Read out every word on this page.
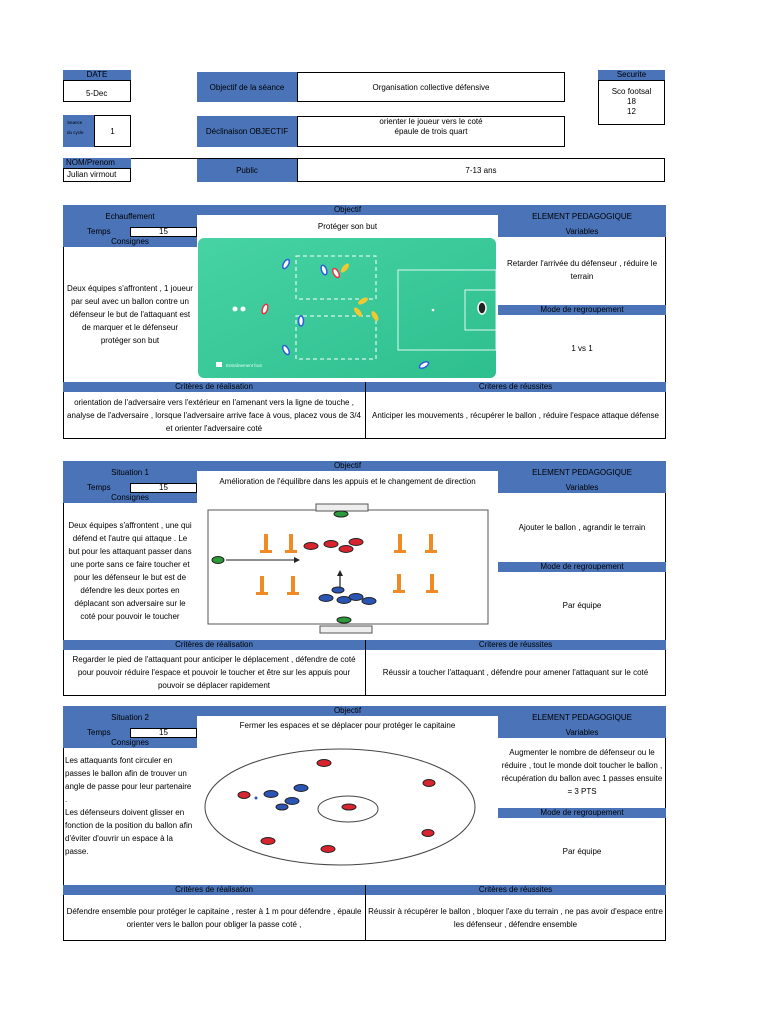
DATE
5-Dec
Seance
du cycle	1
NOM/Prenom
Julian virmout
Objectif de la séance	Organisation collective défensive
Déclinaison OBJECTIF
orienter le joueur vers le coté
épaule de trois quart
Public	7-13 ans
Securite
Sco footsal
18
12
Echauffement
Temps	15
Consignes
Deux équipes s'affrontent , 1 joueur par seul avec un ballon contre un défenseur le but de l'attaquant est de marquer et le défenseur protéger son but
Objectif
Protéger son but
Entraînement foot
ELEMENT PEDAGOGIQUE
Variables
Retarder l'arrivée du défenseur , réduire le terrain
Mode de regroupement
1 vs 1
Critères de réalisation
orientation de l'adversaire vers l'extérieur en l'amenant vers la ligne de touche , analyse de l'adversaire , lorsque l'adversaire arrive face à vous, placez vous de 3/4 et orienter l'adversaire coté
Criteres de réussites
Anticiper les mouvements , récupérer le ballon , réduire l'espace attaque défense
Situation 1
Temps	15
Consignes
Deux équipes s'affrontent , une qui défend et l'autre qui attaque . Le but pour les attaquant passer dans une porte sans ce faire toucher et pour les défenseur le but est de défendre les deux portes en déplacant son adversaire sur le coté pour pouvoir le toucher
Objectif
Amélioration de l'équilibre dans les appuis et le changement de direction
ELEMENT PEDAGOGIQUE
Variables
Ajouter le ballon , agrandir le terrain
Mode de regroupement
Par équipe
Critères de réalisation
Regarder le pied de l'attaquant pour anticiper le déplacement , défendre de coté pour pouvoir réduire l'espace et pouvoir le toucher et être sur les appuis pour pouvoir se déplacer rapidement
Criteres de réussites
Réussir a toucher l'attaquant , défendre pour amener l'attaquant sur le coté
Situation 2
Temps	15
Consignes
Les attaquants font circuler en passes le ballon afin de trouver un angle de passe pour leur partenaire .
Les défenseurs doivent glisser en fonction de la position du ballon afin d'éviter d'ouvrir un espace à la passe.
Objectif
Fermer les espaces et se déplacer pour protéger le capitaine
ELEMENT PEDAGOGIQUE
Variables
Augmenter le nombre de défenseur ou le réduire , tout le monde doit toucher le ballon , récupération du ballon avec 1 passes ensuite = 3 PTS
Mode de regroupement
Par équipe
Critères de réalisation
Défendre ensemble pour protéger le capitaine , rester à 1 m pour défendre , épaule orienter vers le ballon pour obliger la passe coté ,
Critères de réussites
Réussir à récupérer le ballon , bloquer l'axe du terrain , ne pas avoir d'espace entre les défenseur , défendre ensemble
